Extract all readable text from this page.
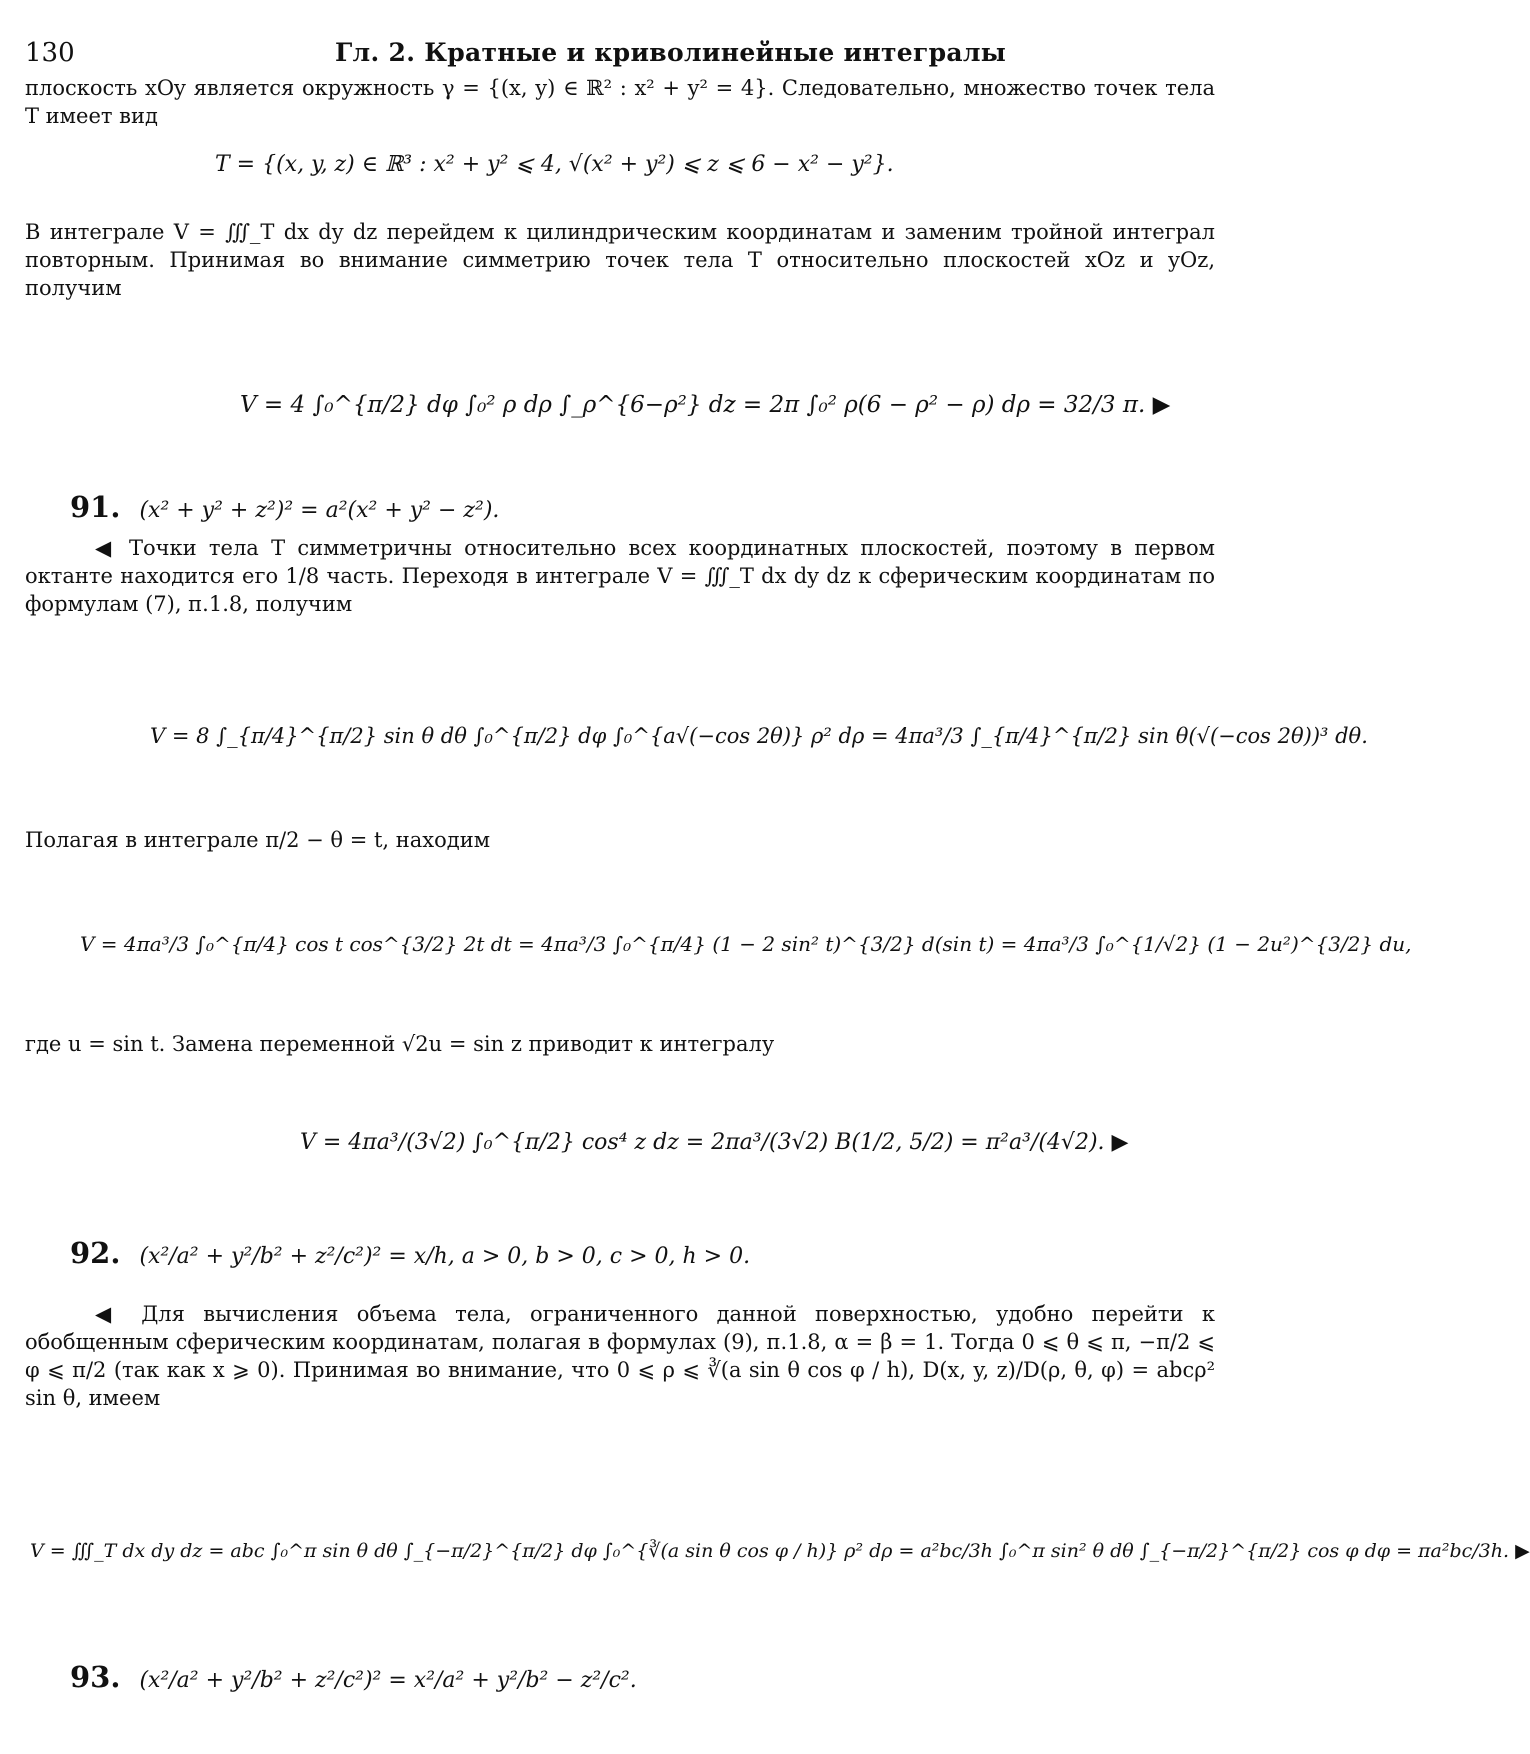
130	Гл. 2. Кратные и криволинейные интегралы
плоскость xOy является окружность γ = {(x, y) ∈ ℝ² : x² + y² = 4}. Следовательно, множество точек тела T имеет вид
T = {(x, y, z) ∈ ℝ³ : x² + y² ⩽ 4, √(x² + y²) ⩽ z ⩽ 6 − x² − y²}.
В интеграле V = ∭_T dx dy dz перейдем к цилиндрическим координатам и заменим тройной интеграл повторным. Принимая во внимание симметрию точек тела T относительно плоскостей xOz и yOz, получим
V = 4 ∫₀^{π/2} dφ ∫₀² ρ dρ ∫_ρ^{6−ρ²} dz = 2π ∫₀² ρ(6 − ρ² − ρ) dρ = 32/3 π. ▶
91. (x² + y² + z²)² = a²(x² + y² − z²).
◀ Точки тела T симметричны относительно всех координатных плоскостей, поэтому в первом октанте находится его 1/8 часть. Переходя в интеграле V = ∭_T dx dy dz к сферическим координатам по формулам (7), п.1.8, получим
V = 8 ∫_{π/4}^{π/2} sin θ dθ ∫₀^{π/2} dφ ∫₀^{a√(−cos 2θ)} ρ² dρ = 4πa³/3 ∫_{π/4}^{π/2} sin θ(√(−cos 2θ))³ dθ.
Полагая в интеграле π/2 − θ = t, находим
V = 4πa³/3 ∫₀^{π/4} cos t cos^{3/2} 2t dt = 4πa³/3 ∫₀^{π/4} (1 − 2 sin² t)^{3/2} d(sin t) = 4πa³/3 ∫₀^{1/√2} (1 − 2u²)^{3/2} du,
где u = sin t. Замена переменной √2u = sin z приводит к интегралу
V = 4πa³/(3√2) ∫₀^{π/2} cos⁴ z dz = 2πa³/(3√2) B(1/2, 5/2) = π²a³/(4√2). ▶
92. (x²/a² + y²/b² + z²/c²)² = x/h, a > 0, b > 0, c > 0, h > 0.
◀ Для вычисления объема тела, ограниченного данной поверхностью, удобно перейти к обобщенным сферическим координатам, полагая в формулах (9), п.1.8, α = β = 1. Тогда 0 ⩽ θ ⩽ π, −π/2 ⩽ φ ⩽ π/2 (так как x ⩾ 0). Принимая во внимание, что 0 ⩽ ρ ⩽ ∛(a sin θ cos φ / h), D(x, y, z)/D(ρ, θ, φ) = abcρ² sin θ, имеем
V = ∭_T dx dy dz = abc ∫₀^π sin θ dθ ∫_{−π/2}^{π/2} dφ ∫₀^{∛(a sin θ cos φ / h)} ρ² dρ = a²bc/3h ∫₀^π sin² θ dθ ∫_{−π/2}^{π/2} cos φ dφ = πa²bc/3h. ▶
93. (x²/a² + y²/b² + z²/c²)² = x²/a² + y²/b² − z²/c².
